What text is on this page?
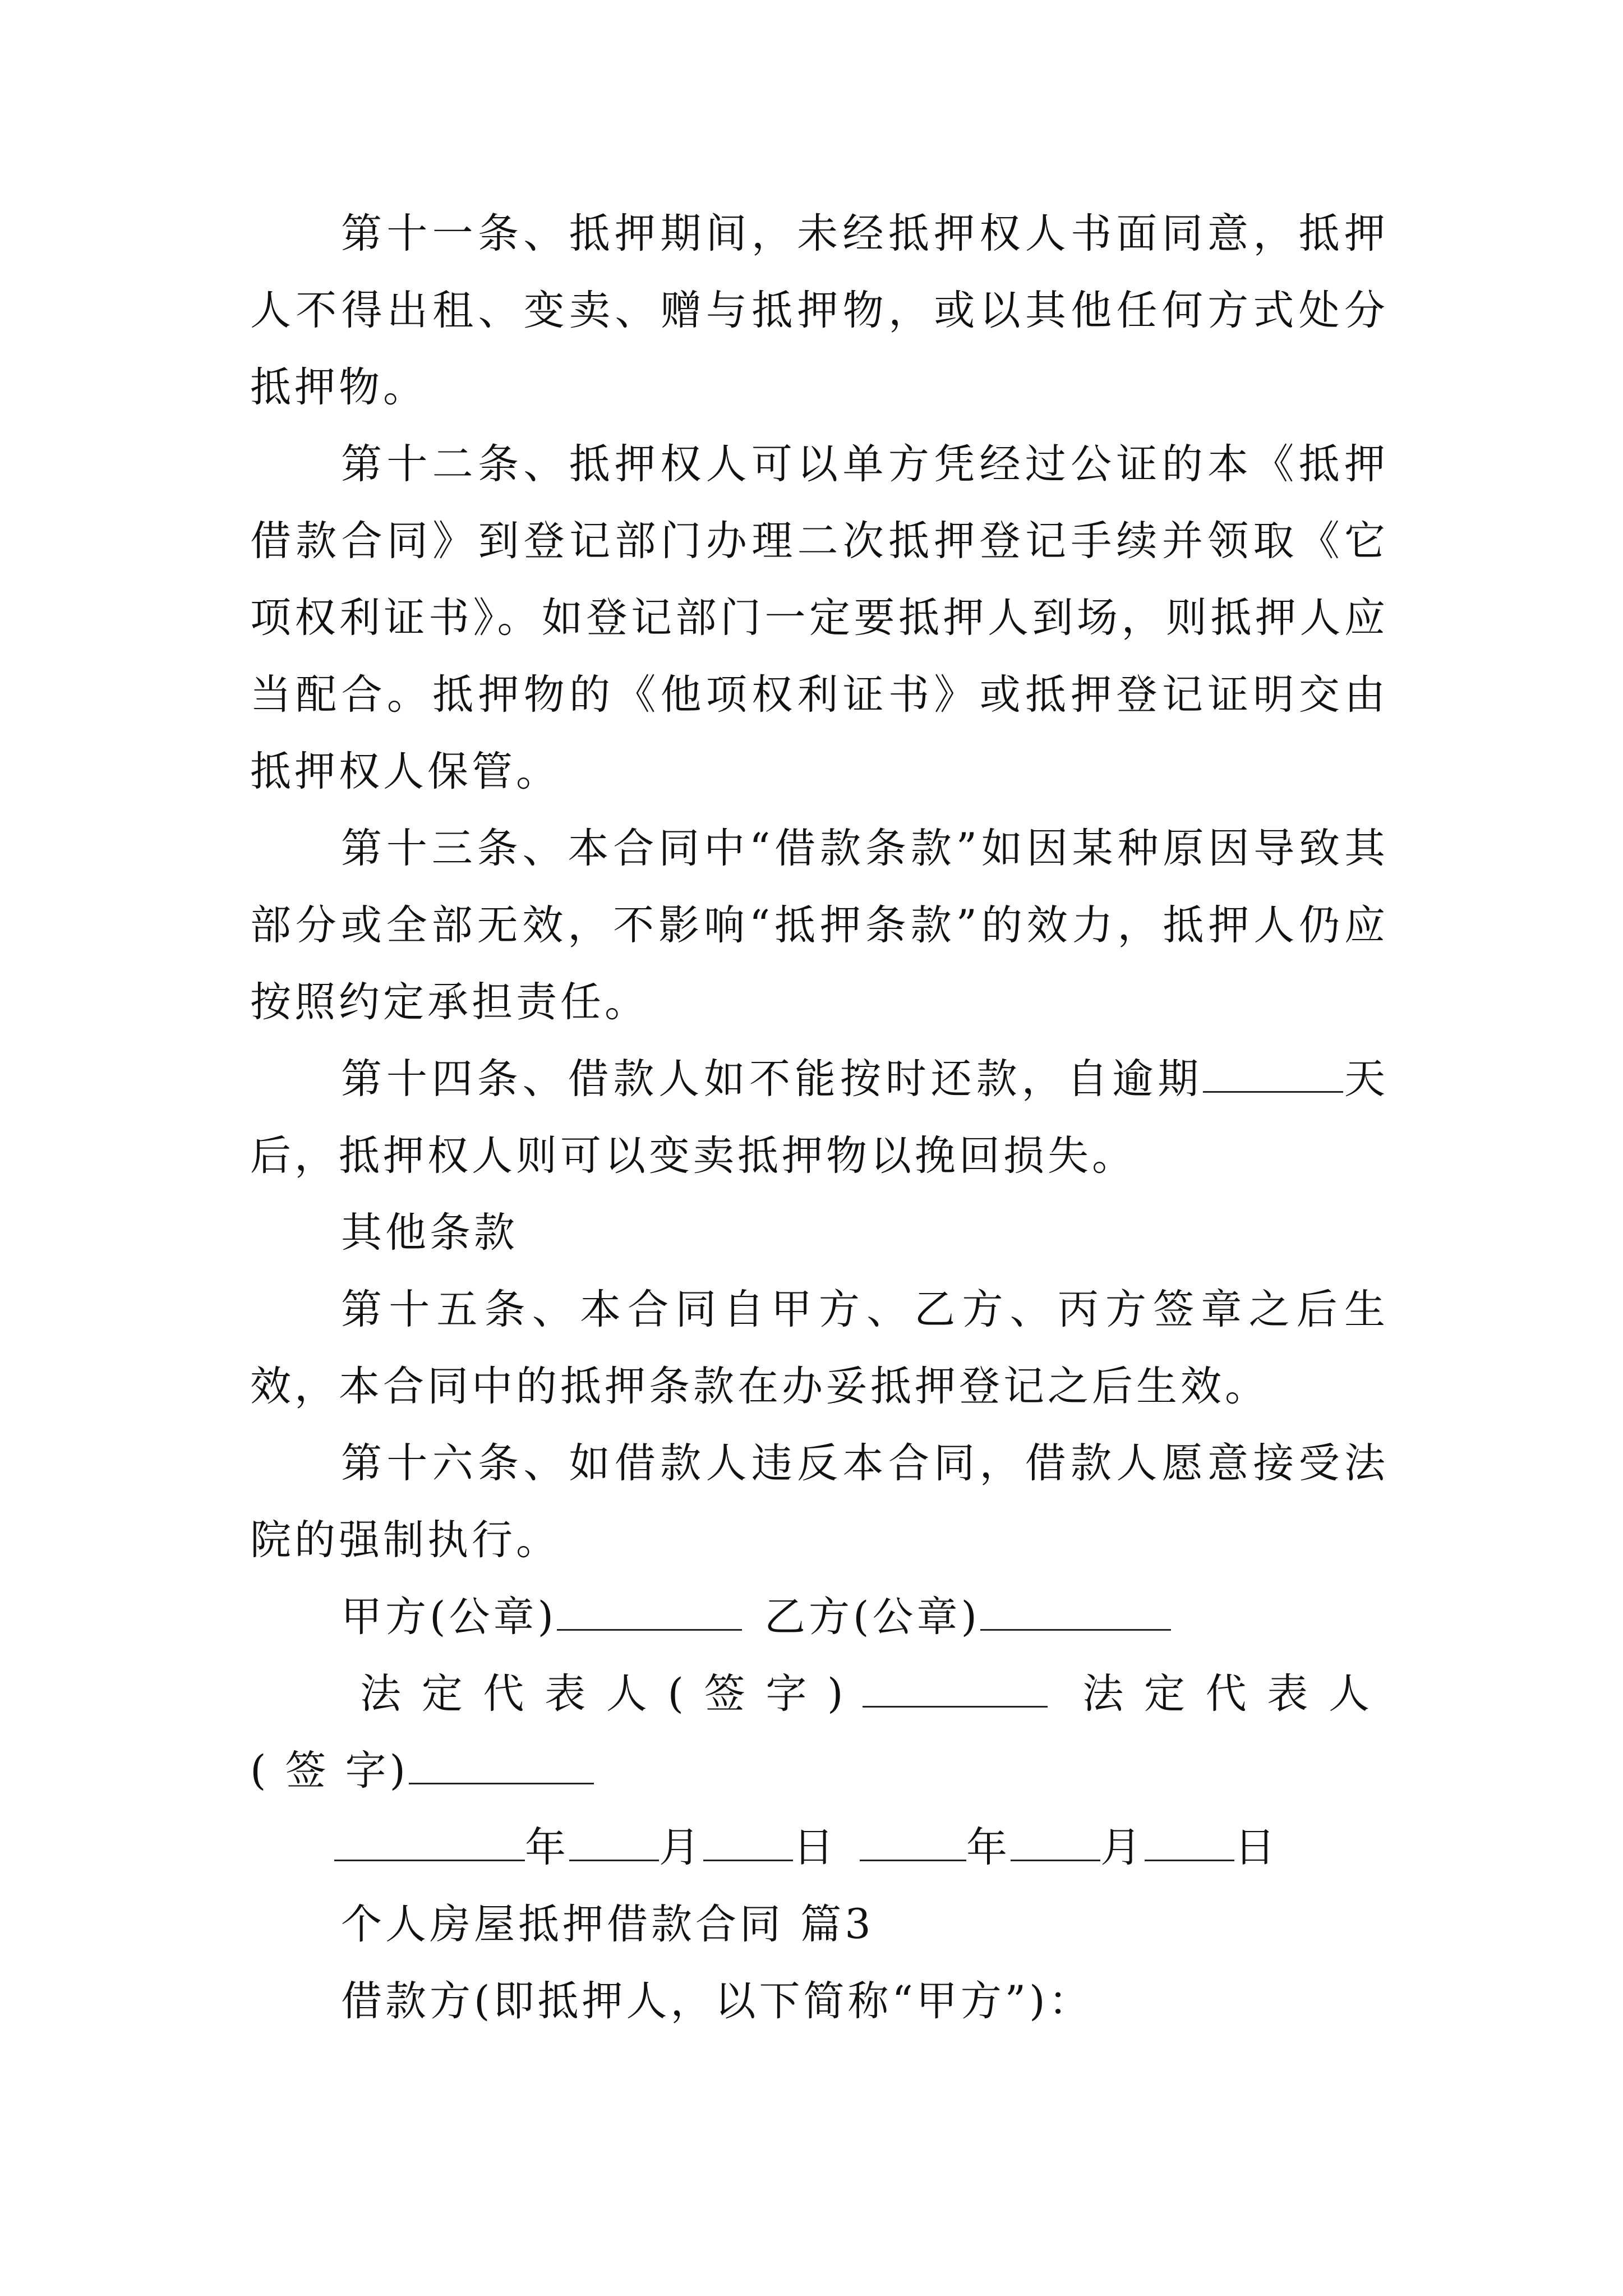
第十一条、抵押期间，未经抵押权人书面同意，抵押人不得出租、变卖、赠与抵押物，或以其他任何方式处分抵押物。

第十二条、抵押权人可以单方凭经过公证的本《抵押借款合同》到登记部门办理二次抵押登记手续并领取《它项权利证书》。如登记部门一定要抵押人到场，则抵押人应当配合。抵押物的《他项权利证书》或抵押登记证明交由抵押权人保管。

第十三条、本合同中“借款条款”如因某种原因导致其部分或全部无效，不影响“抵押条款”的效力，抵押人仍应按照约定承担责任。

第十四条、借款人如不能按时还款，自逾期	天后，抵押权人则可以变卖抵押物以挽回损失。

其他条款

第十五条、本合同自甲方、乙方、丙方签章之后生效，本合同中的抵押条款在办妥抵押登记之后生效。

第十六条、如借款人违反本合同，借款人愿意接受法院的强制执行。

甲方(公章)	乙方(公章)

法定代表人(签字)	法定代表人(签字)

年 月 日	年 月 日

个人房屋抵押借款合同 篇3

借款方(即抵押人，以下简称“甲方”)：
